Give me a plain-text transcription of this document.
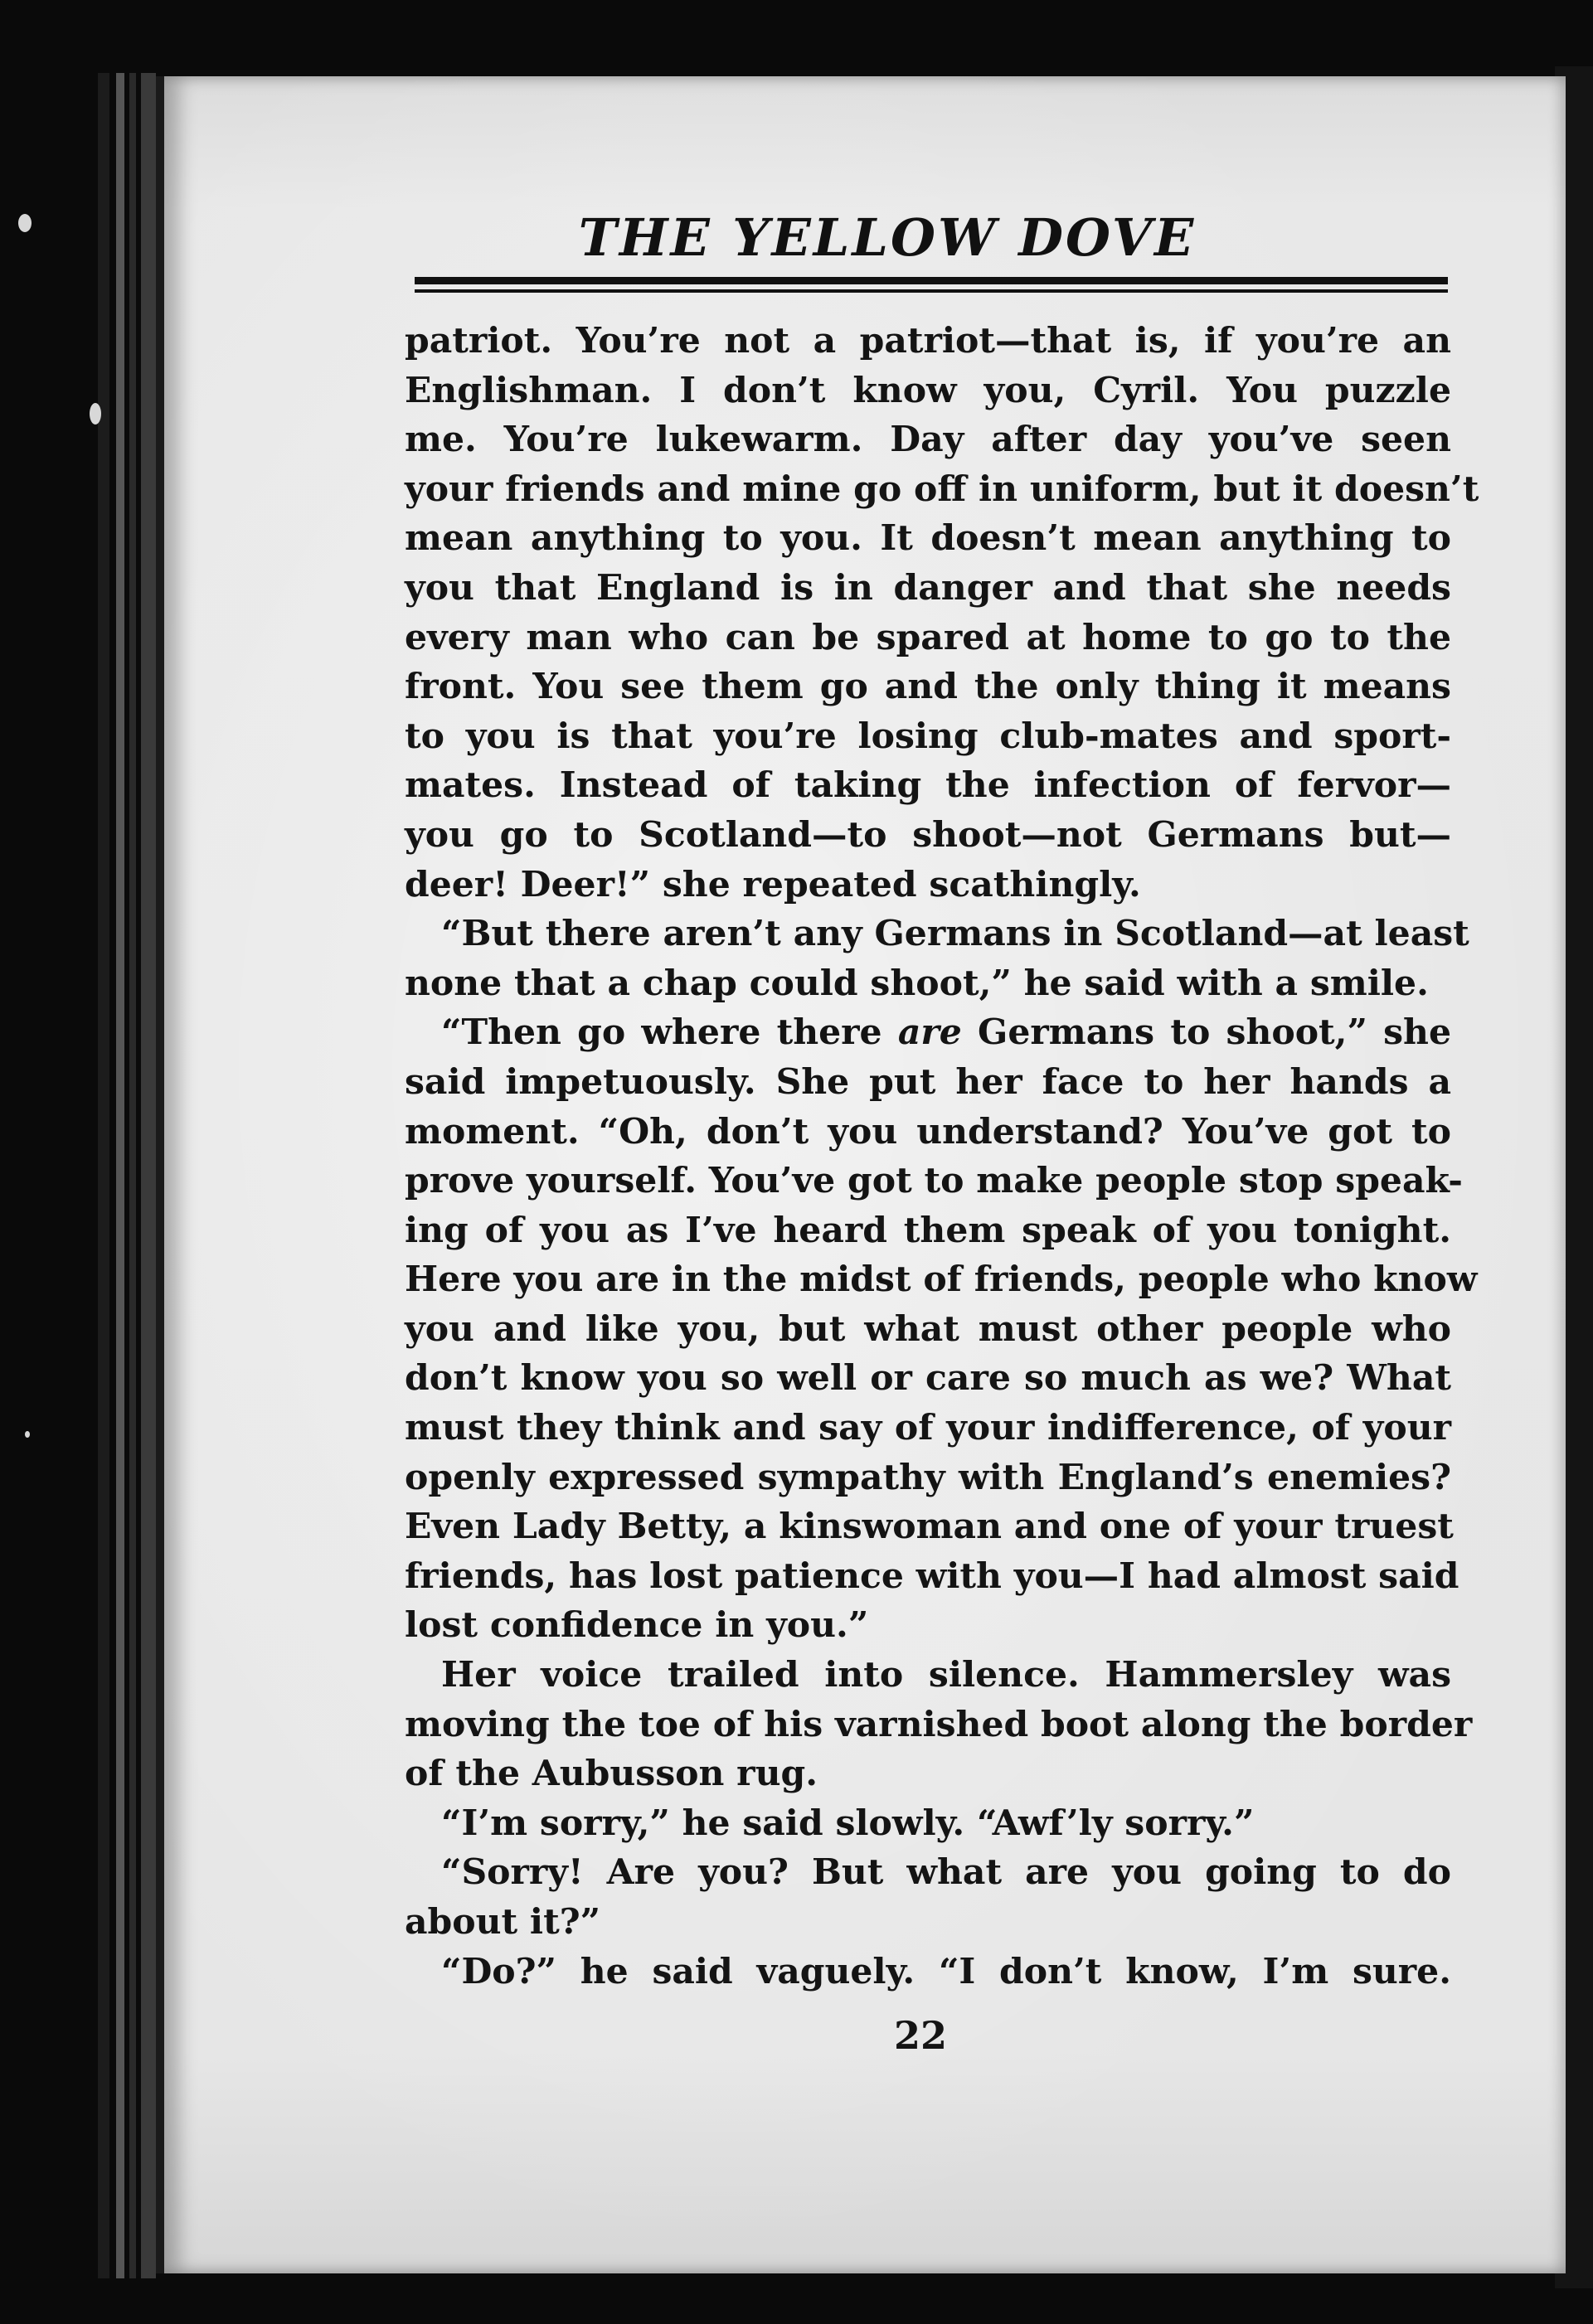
THE YELLOW DOVE
patriot. You’re not a patriot—that is, if you’re an
Englishman. I don’t know you, Cyril. You puzzle
me. You’re lukewarm. Day after day you’ve seen
your friends and mine go off in uniform, but it doesn’t
mean anything to you. It doesn’t mean anything to
you that England is in danger and that she needs
every man who can be spared at home to go to the
front. You see them go and the only thing it means
to you is that you’re losing club-mates and sport-
mates. Instead of taking the infection of fervor—
you go to Scotland—to shoot—not Germans but—
deer! Deer!” she repeated scathingly.
“But there aren’t any Germans in Scotland—at least
none that a chap could shoot,” he said with a smile.
“Then go where there are Germans to shoot,” she
said impetuously. She put her face to her hands a
moment. “Oh, don’t you understand? You’ve got to
prove yourself. You’ve got to make people stop speak-
ing of you as I’ve heard them speak of you tonight.
Here you are in the midst of friends, people who know
you and like you, but what must other people who
don’t know you so well or care so much as we? What
must they think and say of your indifference, of your
openly expressed sympathy with England’s enemies?
Even Lady Betty, a kinswoman and one of your truest
friends, has lost patience with you—I had almost said
lost confidence in you.”
Her voice trailed into silence. Hammersley was
moving the toe of his varnished boot along the border
of the Aubusson rug.
“I’m sorry,” he said slowly. “Awf’ly sorry.”
“Sorry! Are you? But what are you going to do
about it?”
“Do?” he said vaguely. “I don’t know, I’m sure.
22
